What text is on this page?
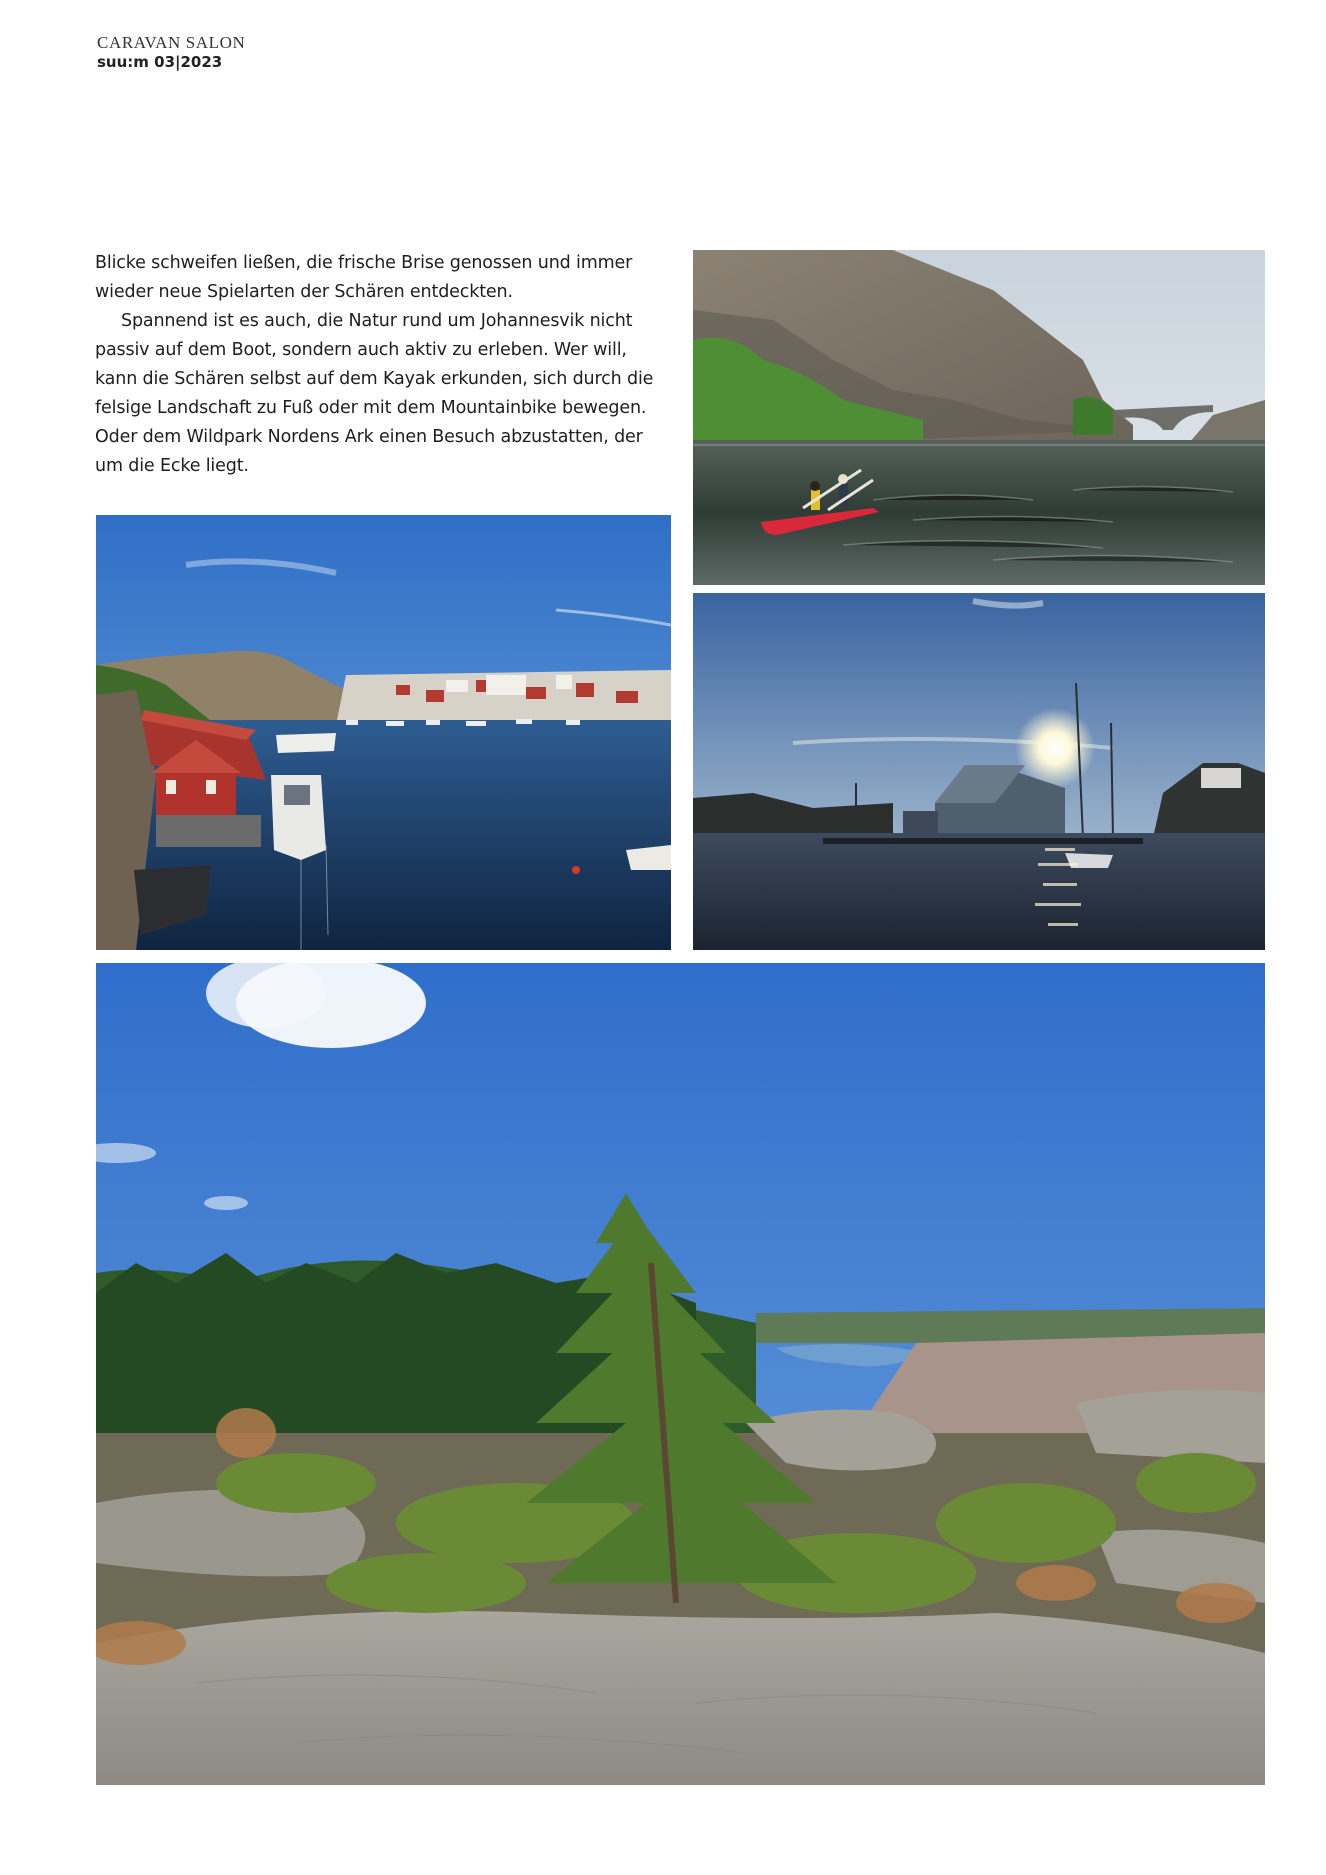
CARAVAN SALON
suu:m 03|2023

Blicke schweifen ließen, die frische Brise genossen und immer wieder neue Spielarten der Schären entdeckten.

Spannend ist es auch, die Natur rund um Johannesvik nicht passiv auf dem Boot, sondern auch aktiv zu erleben. Wer will, kann die Schären selbst auf dem Kayak erkunden, sich durch die felsige Landschaft zu Fuß oder mit dem Mountainbike bewegen. Oder dem Wildpark Nordens Ark einen Besuch abzustatten, der um die Ecke liegt.
